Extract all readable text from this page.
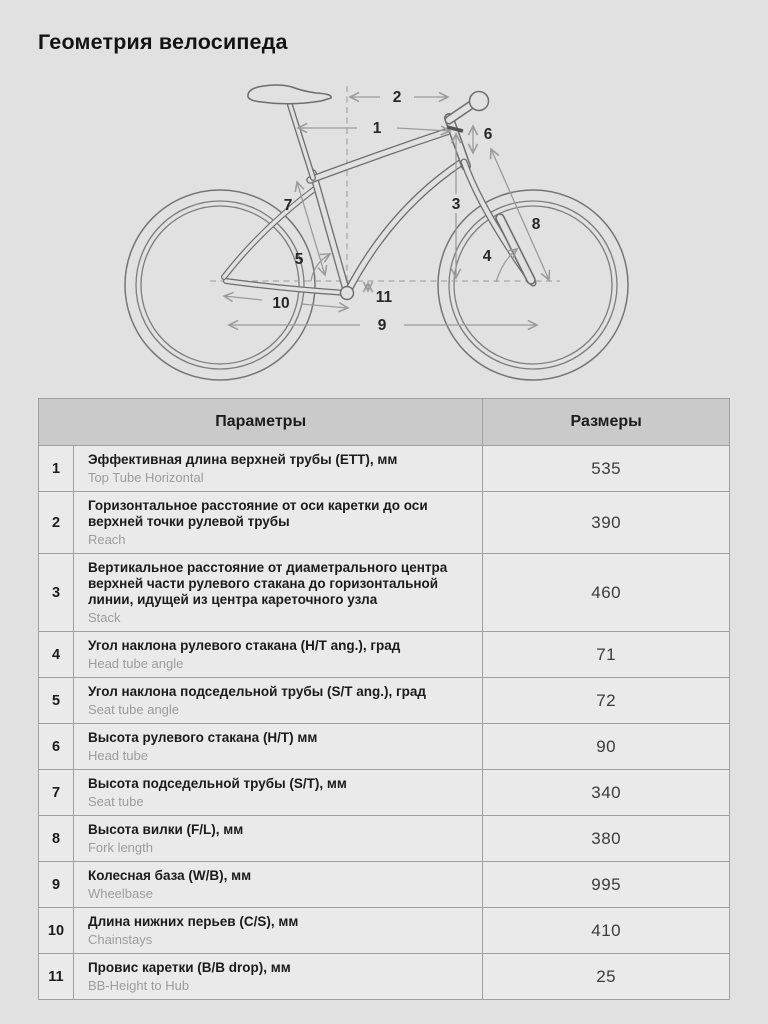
Геометрия велосипеда
1
2
3
4
5
6
7
8
9
10	11
Параметры		Размеры
1	Эффективная длина верхней трубы (ETT), мм
Top Tube Horizontal	535
2	Горизонтальное расстояние от оси каретки до оси верхней точки рулевой трубы
Reach	390
3	Вертикальное расстояние от диаметрального центра верхней части рулевого стакана до горизонтальной линии, идущей из центра кареточного узла
Stack	460
4	Угол наклона рулевого стакана (H/T ang.), град
Head tube angle	71
5	Угол наклона подседельной трубы (S/T ang.), град
Seat tube angle	72
6	Высота рулевого стакана (H/T) мм
Head tube	90
7	Высота подседельной трубы (S/T), мм
Seat tube	340
8	Высота вилки (F/L), мм
Fork length	380
9	Колесная база (W/B), мм
Wheelbase	995
10	Длина нижних перьев (C/S), мм
Chainstays	410
11	Провис каретки (B/B drop), мм
BB-Height to Hub	25
